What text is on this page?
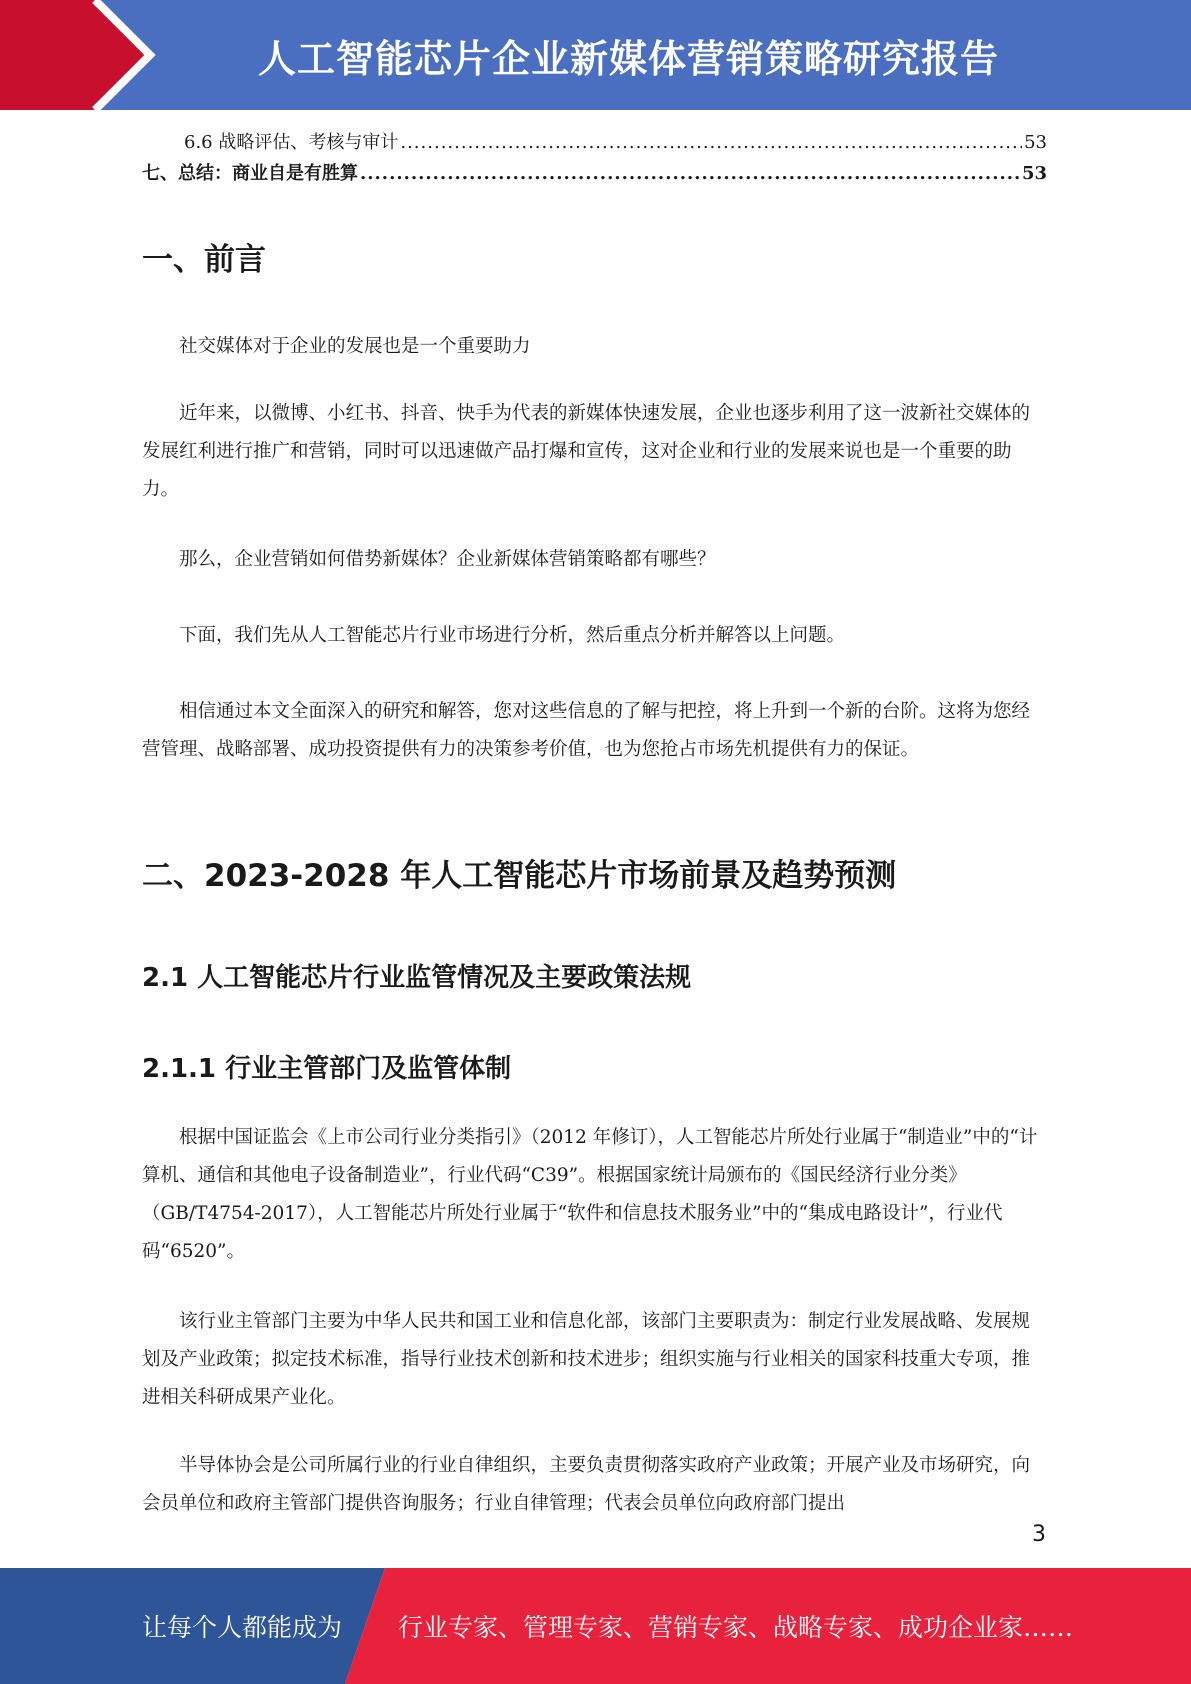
人工智能芯片企业新媒体营销策略研究报告
6.6 战略评估、考核与审计 .....	53
七、总结：商业自是有胜算 .....	53
一、前言

社交媒体对于企业的发展也是一个重要助力

近年来，以微博、小红书、抖音、快手为代表的新媒体快速发展，企业也逐步利用了这一波新社交媒体的发展红利进行推广和营销，同时可以迅速做产品打爆和宣传，这对企业和行业的发展来说也是一个重要的助力。

那么，企业营销如何借势新媒体？企业新媒体营销策略都有哪些？

下面，我们先从人工智能芯片行业市场进行分析，然后重点分析并解答以上问题。

相信通过本文全面深入的研究和解答，您对这些信息的了解与把控，将上升到一个新的台阶。这将为您经营管理、战略部署、成功投资提供有力的决策参考价值，也为您抢占市场先机提供有力的保证。

二、2023-2028 年人工智能芯片市场前景及趋势预测
2.1 人工智能芯片行业监管情况及主要政策法规
2.1.1 行业主管部门及监管体制

根据中国证监会《上市公司行业分类指引》（2012 年修订），人工智能芯片所处行业属于“制造业”中的“计算机、通信和其他电子设备制造业”，行业代码“C39”。根据国家统计局颁布的《国民经济行业分类》（GB/T4754-2017），人工智能芯片所处行业属于“软件和信息技术服务业”中的“集成电路设计”，行业代码“6520”。

该行业主管部门主要为中华人民共和国工业和信息化部，该部门主要职责为：制定行业发展战略、发展规划及产业政策；拟定技术标准，指导行业技术创新和技术进步；组织实施与行业相关的国家科技重大专项，推进相关科研成果产业化。

半导体协会是公司所属行业的行业自律组织，主要负责贯彻落实政府产业政策；开展产业及市场研究，向会员单位和政府主管部门提供咨询服务；行业自律管理；代表会员单位向政府部门提出

3
让每个人都能成为 行业专家、管理专家、营销专家、战略专家、成功企业家……
